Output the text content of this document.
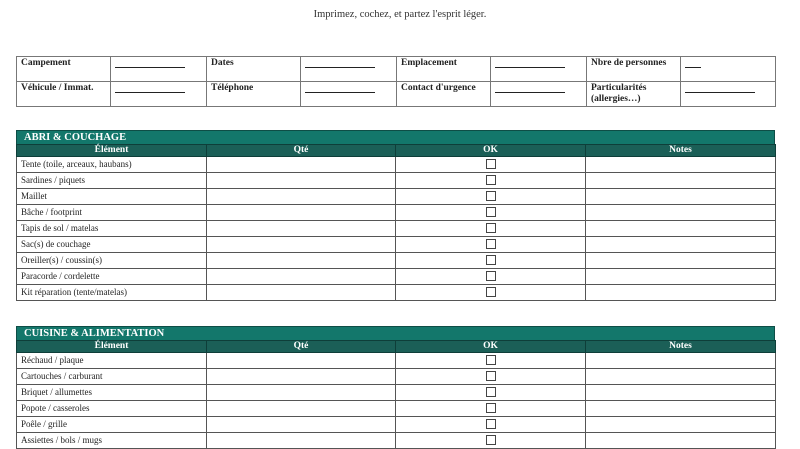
Imprimez, cochez, et partez l'esprit léger.
Campement		Dates		Emplacement		Nbre de personnes	

Véhicule / Immat.		Téléphone		Contact d'urgence		Particularités (allergies…)	
ABRI & COUCHAGE
Élément	Qté	OK	Notes
Tente (toile, arceaux, haubans)			
Sardines / piquets			
Maillet			
Bâche / footprint			
Tapis de sol / matelas			
Sac(s) de couchage			
Oreiller(s) / coussin(s)			
Paracorde / cordelette			
Kit réparation (tente/matelas)			
CUISINE & ALIMENTATION
Élément	Qté	OK	Notes
Réchaud / plaque			
Cartouches / carburant			
Briquet / allumettes			
Popote / casseroles			
Poêle / grille			
Assiettes / bols / mugs			
